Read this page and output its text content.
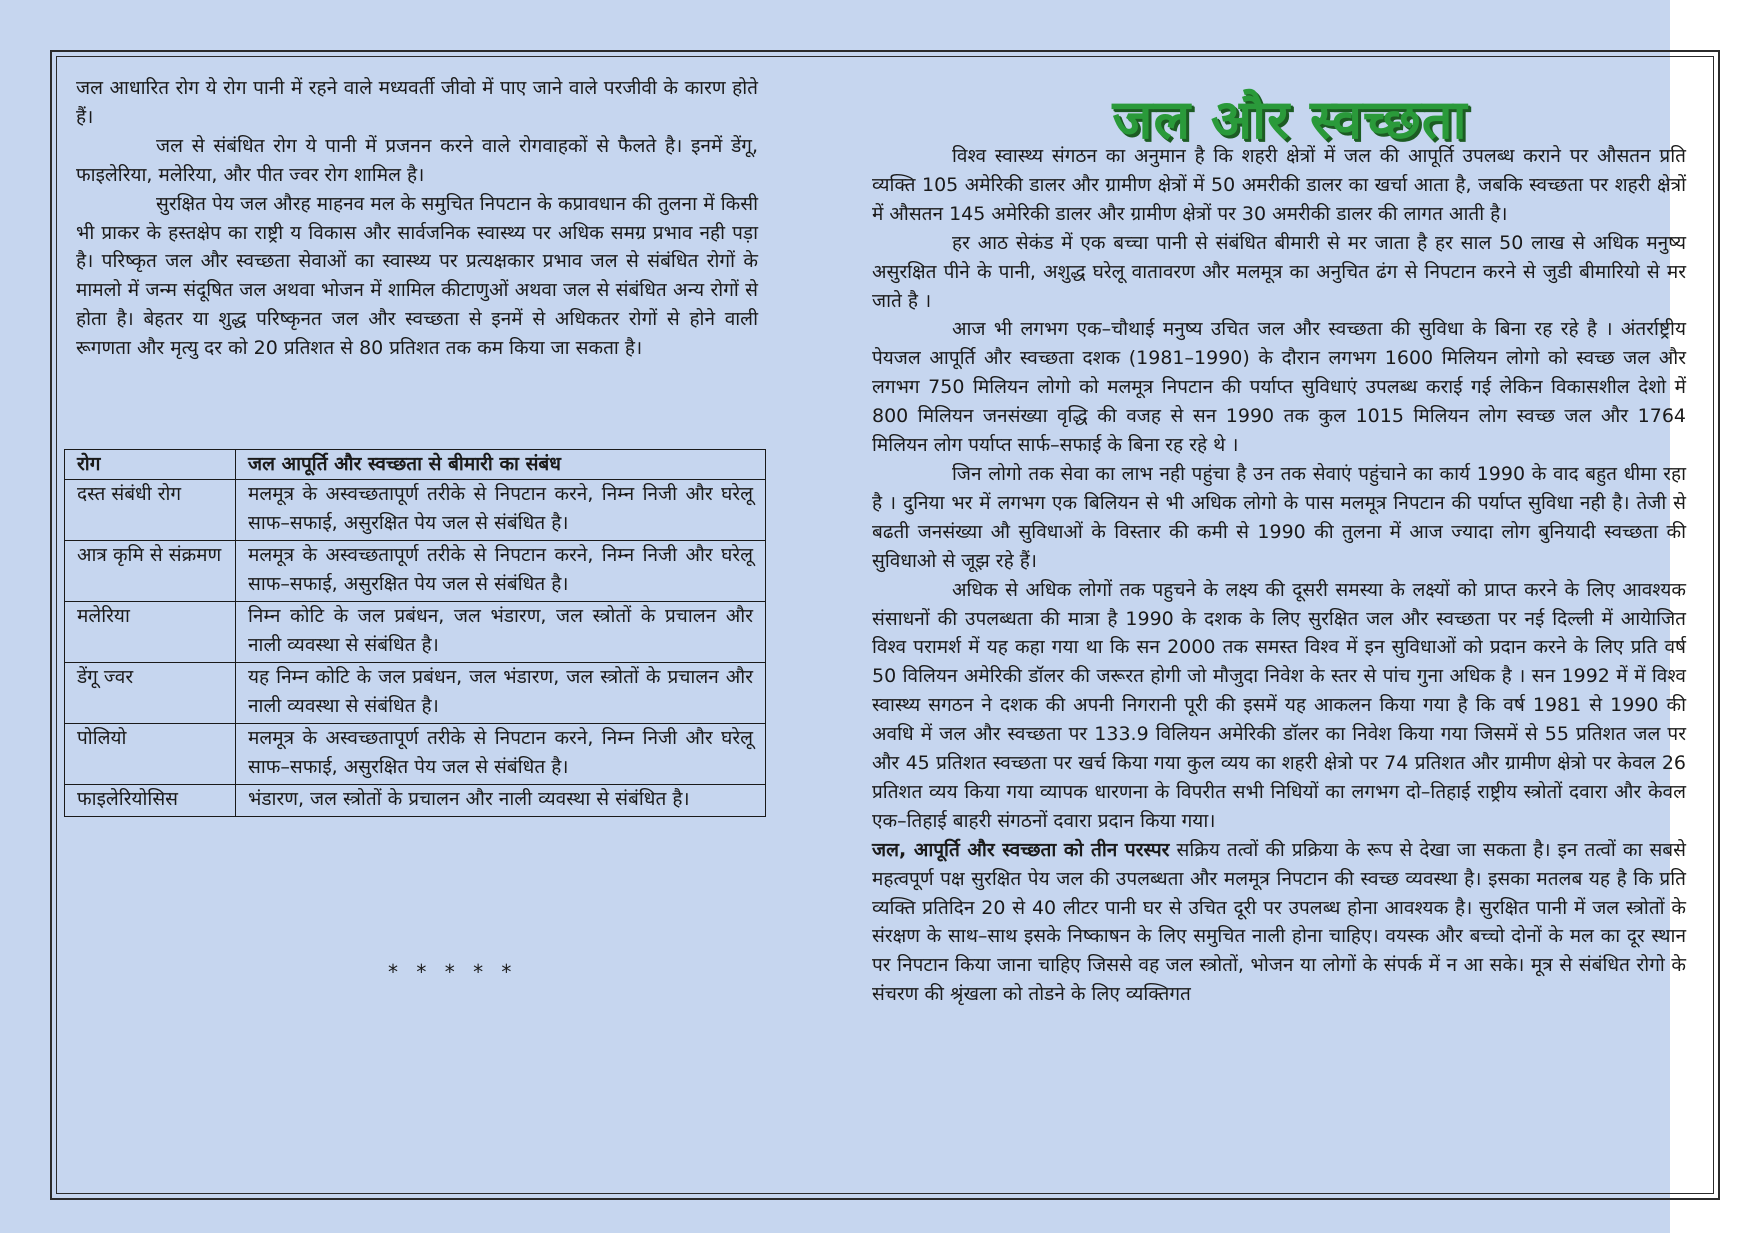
जल आधारित रोग ये रोग पानी में रहने वाले मध्यवर्ती जीवो में पाए जाने वाले परजीवी के कारण होते हैं।

जल से संबंधित रोग ये पानी में प्रजनन करने वाले रोगवाहकों से फैलते है। इनमें डेंगू, फाइलेरिया, मलेरिया, और पीत ज्वर रोग शामिल है।

सुरक्षित पेय जल औरह माहनव मल के समुचित निपटान के कप्रावधान की तुलना में किसी भी प्राकर के हस्तक्षेप का राष्ट्री य विकास और सार्वजनिक स्वास्थ्य पर अधिक समग्र प्रभाव नही पड़ा है। परिष्कृत जल और स्वच्छता सेवाओं का स्वास्थ्य पर प्रत्यक्षकार प्रभाव जल से संबंधित रोगों के मामलो में जन्म संदूषित जल अथवा भोजन में शामिल कीटाणुओं अथवा जल से संबंधित अन्य रोगों से होता है। बेहतर या शुद्ध परिष्कृनत जल और स्वच्छता से इनमें से अधिकतर रोगों से होने वाली रूगणता और मृत्यु दर को 20 प्रतिशत से 80 प्रतिशत तक कम किया जा सकता है।

रोग	जल आपूर्ति और स्वच्छता से बीमारी का संबंध
दस्त संबंधी रोग	मलमूत्र के अस्वच्छतापूर्ण तरीके से निपटान करने, निम्न निजी और घरेलू साफ–सफाई, असुरक्षित पेय जल से संबंधित है।
आत्र कृमि से संक्रमण	मलमूत्र के अस्वच्छतापूर्ण तरीके से निपटान करने, निम्न निजी और घरेलू साफ–सफाई, असुरक्षित पेय जल से संबंधित है।
मलेरिया	निम्न कोटि के जल प्रबंधन, जल भंडारण, जल स्त्रोतों के प्रचालन और नाली व्यवस्था से संबंधित है।
डेंगू ज्वर	यह निम्न कोटि के जल प्रबंधन, जल भंडारण, जल स्त्रोतों के प्रचालन और नाली व्यवस्था से संबंधित है।
पोलियो	मलमूत्र के अस्वच्छतापूर्ण तरीके से निपटान करने, निम्न निजी और घरेलू साफ–सफाई, असुरक्षित पेय जल से संबंधित है।
फाइलेरियोसिस	भंडारण, जल स्त्रोतों के प्रचालन और नाली व्यवस्था से संबंधित है।
* * * * *
जल और स्वच्छता

विश्व स्वास्थ्य संगठन का अनुमान है कि शहरी क्षेत्रों में जल की आपूर्ति उपलब्ध कराने पर औसतन प्रति व्यक्ति 105 अमेरिकी डालर और ग्रामीण क्षेत्रों में 50 अमरीकी डालर का खर्चा आता है, जबकि स्वच्छता पर शहरी क्षेत्रों में औसतन 145 अमेरिकी डालर और ग्रामीण क्षेत्रों पर 30 अमरीकी डालर की लागत आती है।

हर आठ सेकंड में एक बच्चा पानी से संबंधित बीमारी से मर जाता है हर साल 50 लाख से अधिक मनुष्य असुरक्षित पीने के पानी, अशुद्ध घरेलू वातावरण और मलमूत्र का अनुचित ढंग से निपटान करने से जुडी बीमारियो से मर जाते है ।

आज भी लगभग एक–चौथाई मनुष्य उचित जल और स्वच्छता की सुविधा के बिना रह रहे है । अंतर्राष्ट्रीय पेयजल आपूर्ति और स्वच्छता दशक (1981–1990) के दौरान लगभग 1600 मिलियन लोगो को स्वच्छ जल और लगभग 750 मिलियन लोगो को मलमूत्र निपटान की पर्याप्त सुविधाएं उपलब्ध कराई गई लेकिन विकासशील देशो में 800 मिलियन जनसंख्या वृद्धि की वजह से सन 1990 तक कुल 1015 मिलियन लोग स्वच्छ जल और 1764 मिलियन लोग पर्याप्त सार्फ–सफाई के बिना रह रहे थे ।

जिन लोगो तक सेवा का लाभ नही पहुंचा है उन तक सेवाएं पहुंचाने का कार्य 1990 के वाद बहुत धीमा रहा है । दुनिया भर में लगभग एक बिलियन से भी अधिक लोगो के पास मलमूत्र निपटान की पर्याप्त सुविधा नही है। तेजी से बढती जनसंख्या औ सुविधाओं के विस्तार की कमी से 1990 की तुलना में आज ज्यादा लोग बुनियादी स्वच्छता की सुविधाओ से जूझ रहे हैं।

अधिक से अधिक लोगों तक पहुचने के लक्ष्य की दूसरी समस्या के लक्ष्यों को प्राप्त करने के लिए आवश्यक संसाधनों की उपलब्धता की मात्रा है 1990 के दशक के लिए सुरक्षित जल और स्वच्छता पर नई दिल्ली में आयेाजित विश्व परामर्श में यह कहा गया था कि सन 2000 तक समस्त विश्व में इन सुविधाओं को प्रदान करने के लिए प्रति वर्ष 50 विलियन अमेरिकी डॉलर की जरूरत होगी जो मौजुदा निवेश के स्तर से पांच गुना अधिक है । सन 1992 में में विश्व स्वास्थ्य सगठन ने दशक की अपनी निगरानी पूरी की इसमें यह आकलन किया गया है कि वर्ष 1981 से 1990 की अवधि में जल और स्वच्छता पर 133.9 विलियन अमेरिकी डॉलर का निवेश किया गया जिसमें से 55 प्रतिशत जल पर और 45 प्रतिशत स्वच्छता पर खर्च किया गया कुल व्यय का शहरी क्षेत्रो पर 74 प्रतिशत और ग्रामीण क्षेत्रो पर केवल 26 प्रतिशत व्यय किया गया व्यापक धारणना के विपरीत सभी निधियों का लगभग दो–तिहाई राष्ट्रीय स्त्रोतों दवारा और केवल एक–तिहाई बाहरी संगठनों दवारा प्रदान किया गया।

जल, आपूर्ति और स्वच्छता को तीन परस्पर सक्रिय तत्वों की प्रक्रिया के रूप से देखा जा सकता है। इन तत्वों का सबसे महत्वपूर्ण पक्ष सुरक्षित पेय जल की उपलब्धता और मलमूत्र निपटान की स्वच्छ व्यवस्था है। इसका मतलब यह है कि प्रति व्यक्ति प्रतिदिन 20 से 40 लीटर पानी घर से उचित दूरी पर उपलब्ध होना आवश्यक है। सुरक्षित पानी में जल स्त्रोतों के संरक्षण के साथ–साथ इसके निष्काषन के लिए समुचित नाली होना चाहिए। वयस्क और बच्चो दोनों के मल का दूर स्थान पर निपटान किया जाना चाहिए जिससे वह जल स्त्रोतों, भोजन या लोगों के संपर्क में न आ सके। मूत्र से संबंधित रोगो के संचरण की श्रृंखला को तोडने के लिए व्यक्तिगत
